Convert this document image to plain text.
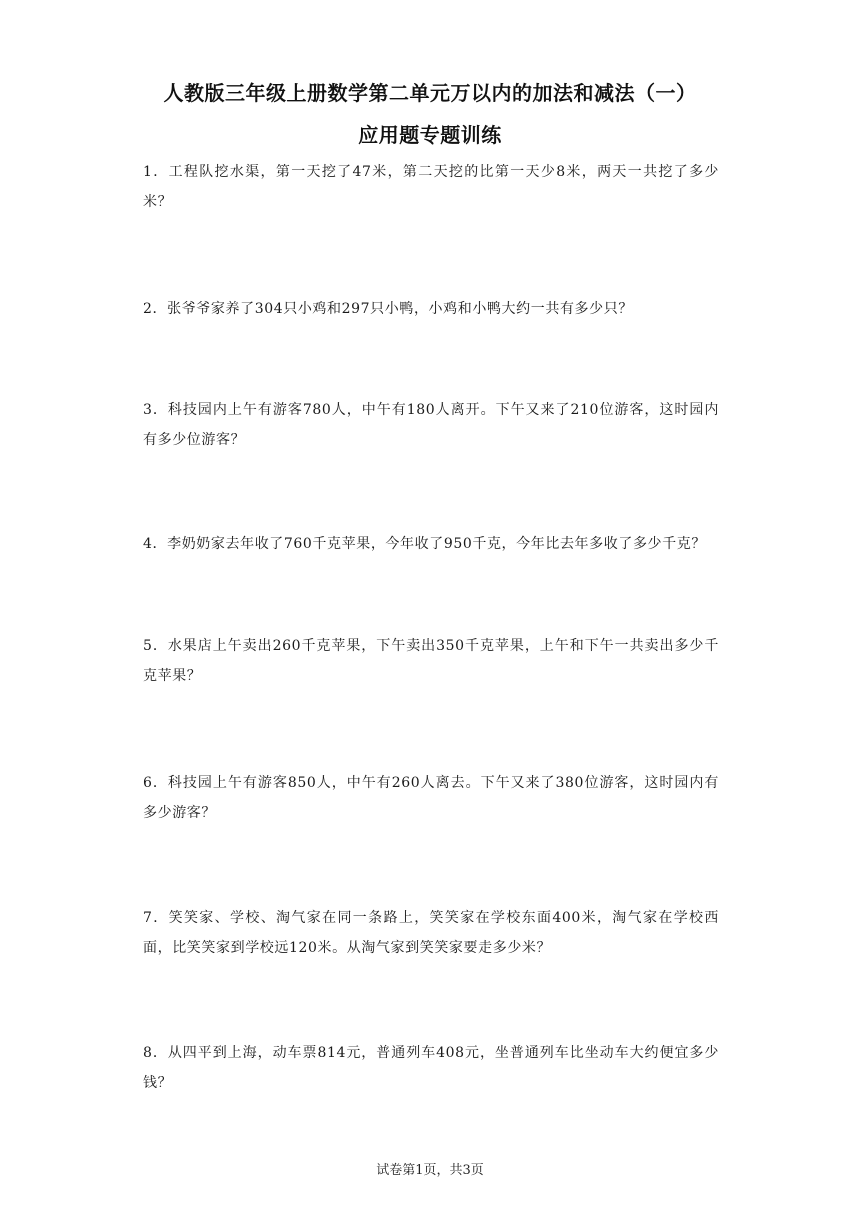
人教版三年级上册数学第二单元万以内的加法和减法（一）
应用题专题训练
1．工程队挖水渠，第一天挖了47米，第二天挖的比第一天少8米，两天一共挖了多少米？
2．张爷爷家养了304只小鸡和297只小鸭，小鸡和小鸭大约一共有多少只？
3．科技园内上午有游客780人，中午有180人离开。下午又来了210位游客，这时园内有多少位游客？
4．李奶奶家去年收了760千克苹果，今年收了950千克，今年比去年多收了多少千克？
5．水果店上午卖出260千克苹果，下午卖出350千克苹果，上午和下午一共卖出多少千克苹果？
6．科技园上午有游客850人，中午有260人离去。下午又来了380位游客，这时园内有多少游客？
7．笑笑家、学校、淘气家在同一条路上，笑笑家在学校东面400米，淘气家在学校西面，比笑笑家到学校远120米。从淘气家到笑笑家要走多少米？
8．从四平到上海，动车票814元，普通列车408元，坐普通列车比坐动车大约便宜多少钱？
试卷第1页，共3页
